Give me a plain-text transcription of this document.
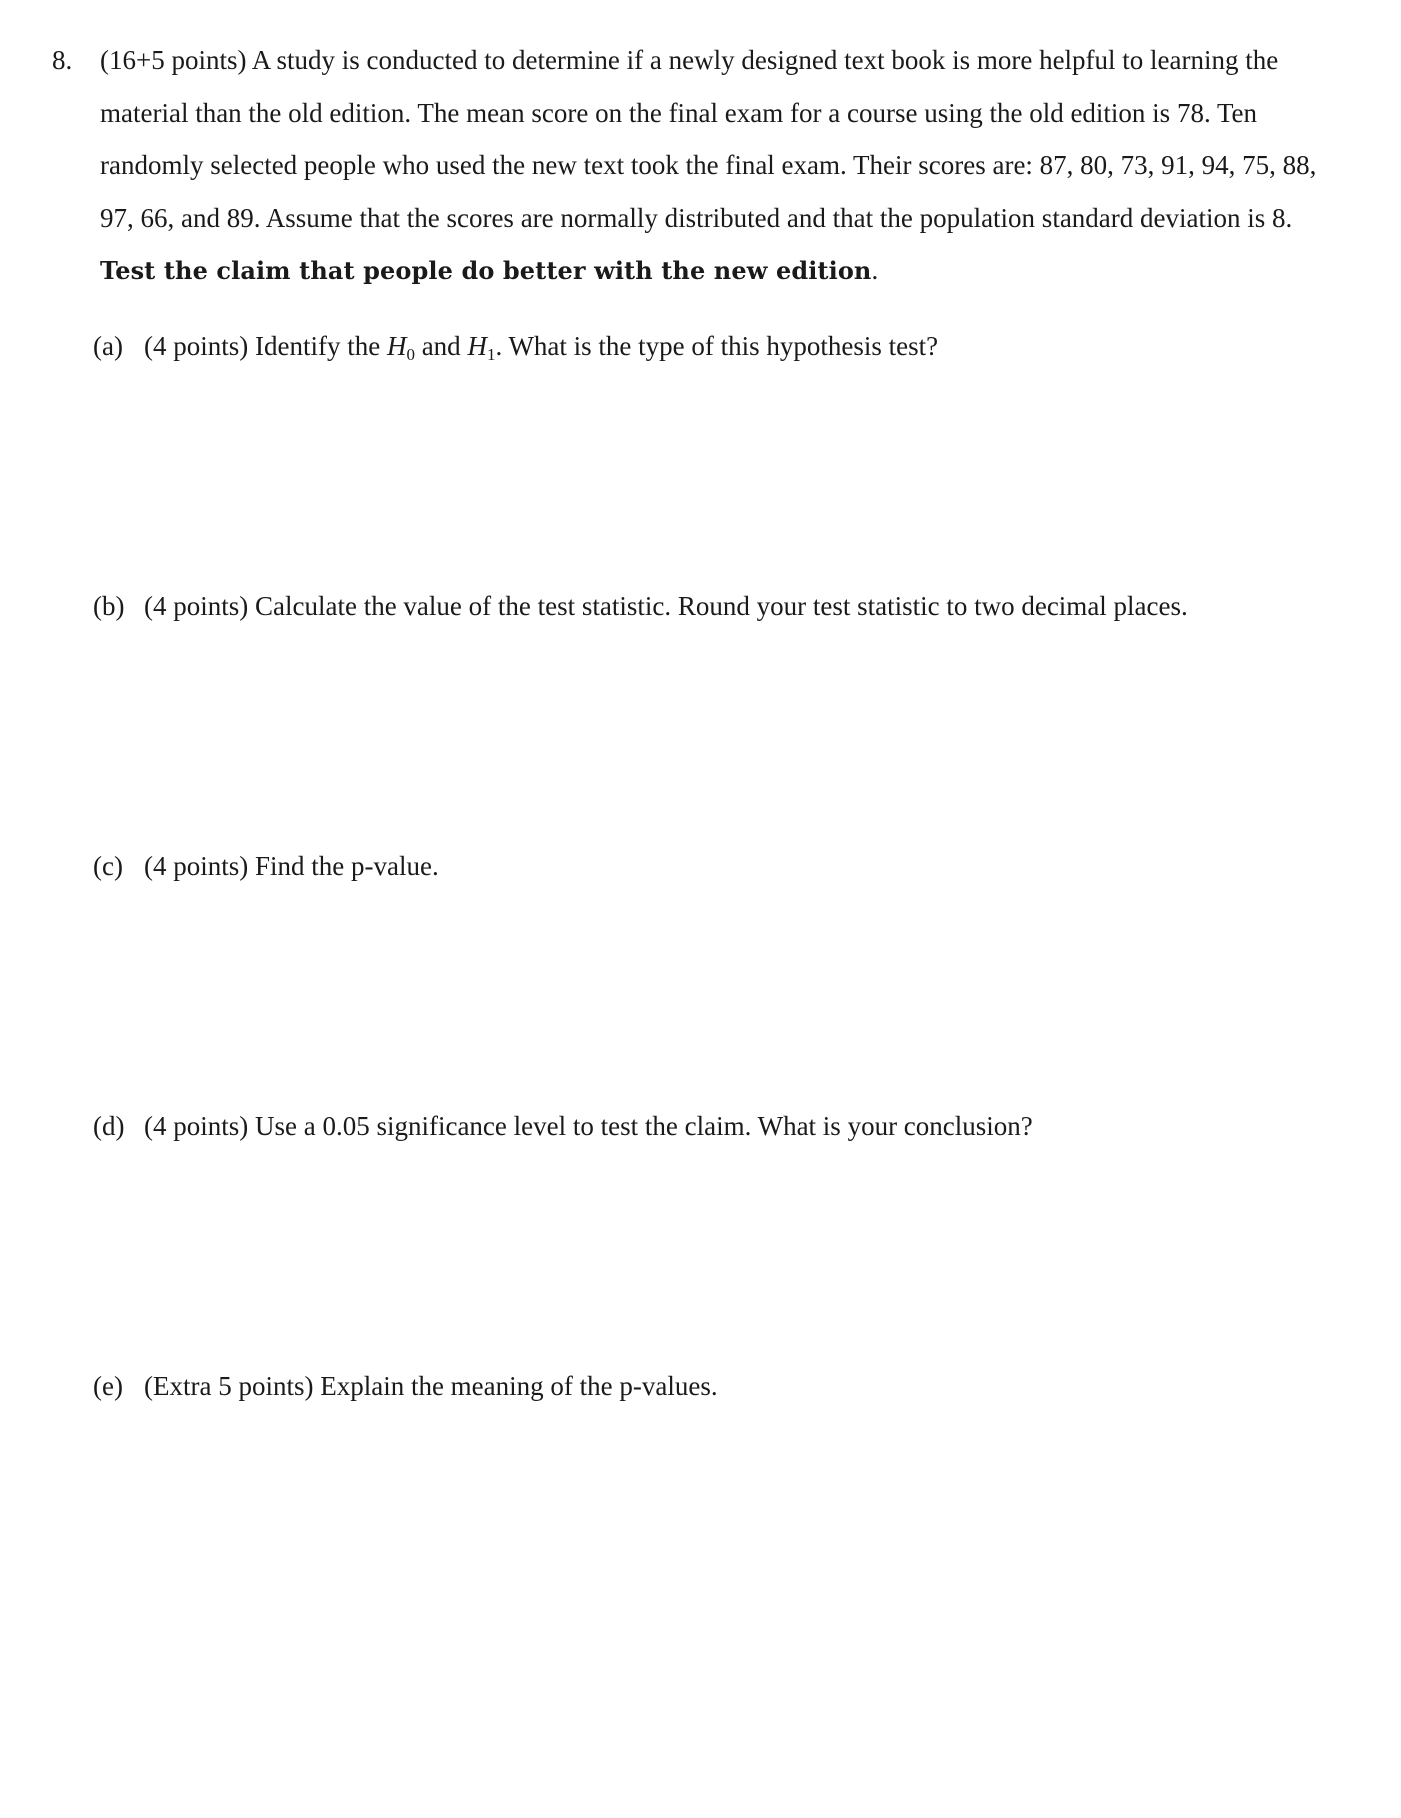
8. (16+5 points) A study is conducted to determine if a newly designed text book is more helpful to learning the material than the old edition. The mean score on the final exam for a course using the old edition is 78. Ten randomly selected people who used the new text took the final exam. Their scores are: 87, 80, 73, 91, 94, 75, 88, 97, 66, and 89. Assume that the scores are normally distributed and that the population standard deviation is 8. Test the claim that people do better with the new edition.
(a) (4 points) Identify the $H_0$ and $H_1$. What is the type of this hypothesis test?
(b) (4 points) Calculate the value of the test statistic. Round your test statistic to two decimal places.
(c) (4 points) Find the p-value.
(d) (4 points) Use a 0.05 significance level to test the claim. What is your conclusion?
(e) (Extra 5 points) Explain the meaning of the p-values.
